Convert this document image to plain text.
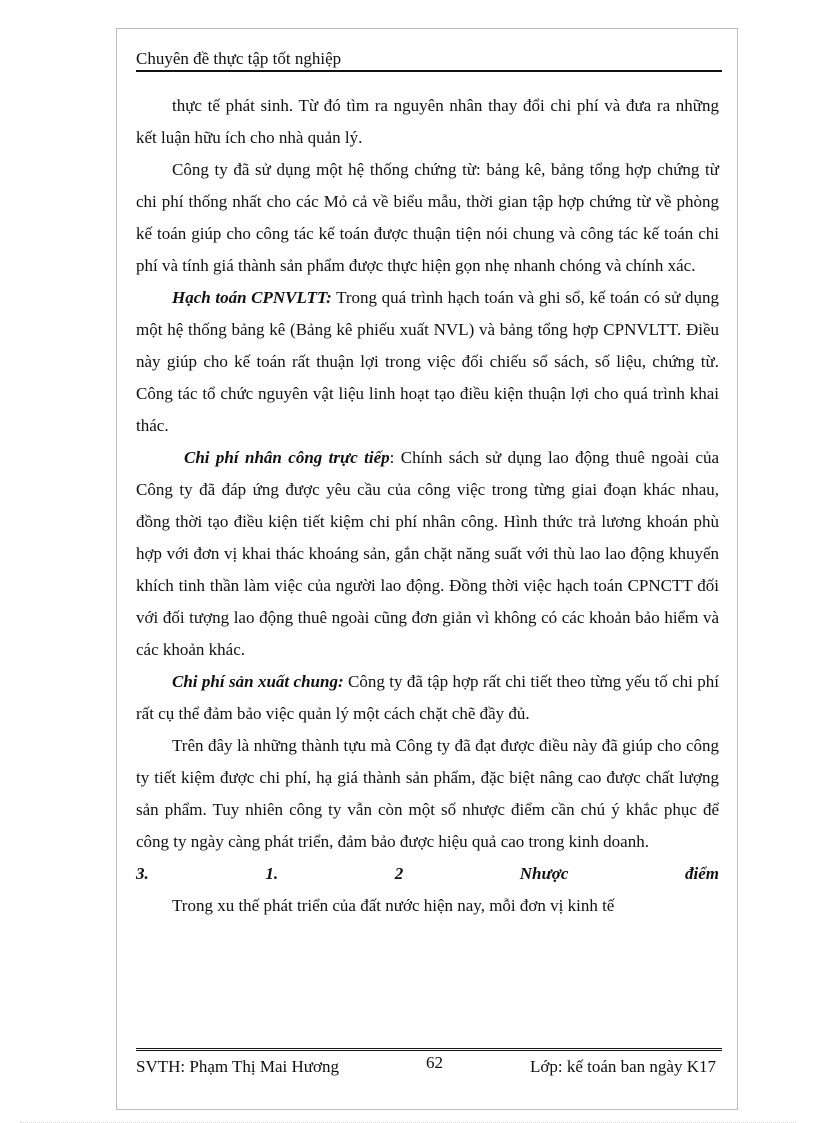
Chuyên đề thực tập tốt nghiệp

thực tế phát sinh. Từ đó tìm ra nguyên nhân thay đổi chi phí và đưa ra những kết luận hữu ích cho nhà quản lý.

Công ty đã sử dụng một hệ thống chứng từ: bảng kê, bảng tổng hợp chứng từ chi phí thống nhất cho các Mỏ cả về biểu mẫu, thời gian tập hợp chứng từ về phòng kế toán giúp cho công tác kế toán được thuận tiện nói chung và công tác kế toán chi phí và tính giá thành sản phẩm được thực hiện gọn nhẹ nhanh chóng và chính xác.

Hạch toán CPNVLTT: Trong quá trình hạch toán và ghi sổ, kế toán có sử dụng một hệ thống bảng kê (Bảng kê phiếu xuất NVL) và bảng tổng hợp CPNVLTT. Điều này giúp cho kế toán rất thuận lợi trong việc đối chiếu sổ sách, số liệu, chứng từ. Công tác tổ chức nguyên vật liệu linh hoạt tạo điều kiện thuận lợi cho quá trình khai thác.

Chi phí nhân công trực tiếp: Chính sách sử dụng lao động thuê ngoài của Công ty đã đáp ứng được yêu cầu của công việc trong từng giai đoạn khác nhau, đồng thời tạo điều kiện tiết kiệm chi phí nhân công. Hình thức trả lương khoán phù hợp với đơn vị khai thác khoáng sản, gắn chặt năng suất với thù lao lao động khuyến khích tinh thần làm việc của người lao động. Đồng thời việc hạch toán CPNCTT đối với đối tượng lao động thuê ngoài cũng đơn giản vì không có các khoản bảo hiểm và các khoản khác.

Chi phí sản xuất chung: Công ty đã tập hợp rất chi tiết theo từng yếu tố chi phí rất cụ thể đảm bảo việc quản lý một cách chặt chẽ đầy đủ.

Trên đây là những thành tựu mà Công ty đã đạt được điều này đã giúp cho công ty tiết kiệm được chi phí, hạ giá thành sản phẩm, đặc biệt nâng cao được chất lượng sản phẩm. Tuy nhiên công ty vẫn còn một số nhược điểm cần chú ý khắc phục để công ty ngày càng phát triển, đảm bảo được hiệu quả cao trong kinh doanh.

3.	1.	2	Nhược	điểm

Trong xu thế phát triển của đất nước hiện nay, mỗi đơn vị kinh tế

SVTH: Phạm Thị Mai Hương	62	Lớp: kế toán ban ngày K17
